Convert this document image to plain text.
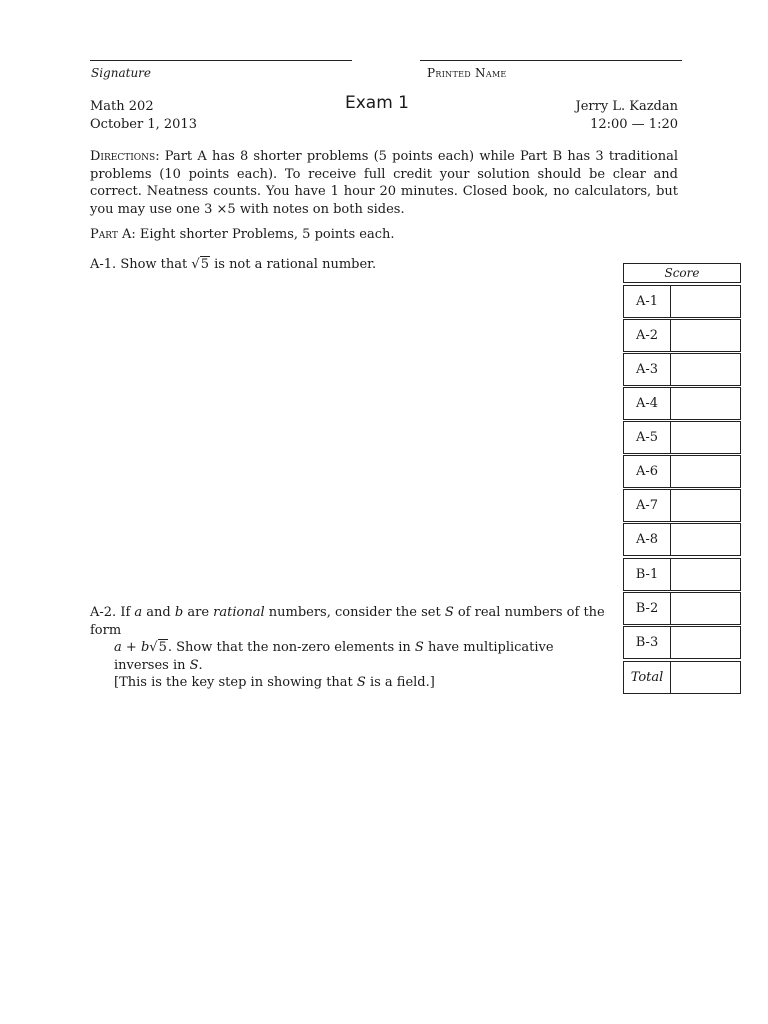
Signature	Printed Name
Math 202
October 1, 2013
Exam 1	Jerry L. Kazdan
12:00 — 1:20
Directions: Part A has 8 shorter problems (5 points each) while Part B has 3 traditional problems (10 points each). To receive full credit your solution should be clear and correct. Neatness counts. You have 1 hour 20 minutes. Closed book, no calculators, but you may use one 3 ×5 with notes on both sides.
Part A: Eight shorter Problems, 5 points each.
A-1. Show that √5 is not a rational number.
A-2. If a and b are rational numbers, consider the set S of real numbers of the form
a + b√5. Show that the non-zero elements in S have multiplicative inverses in S.
[This is the key step in showing that S is a field.]
Score
A-1
A-2
A-3
A-4
A-5
A-6
A-7
A-8
B-1
B-2
B-3
Total
